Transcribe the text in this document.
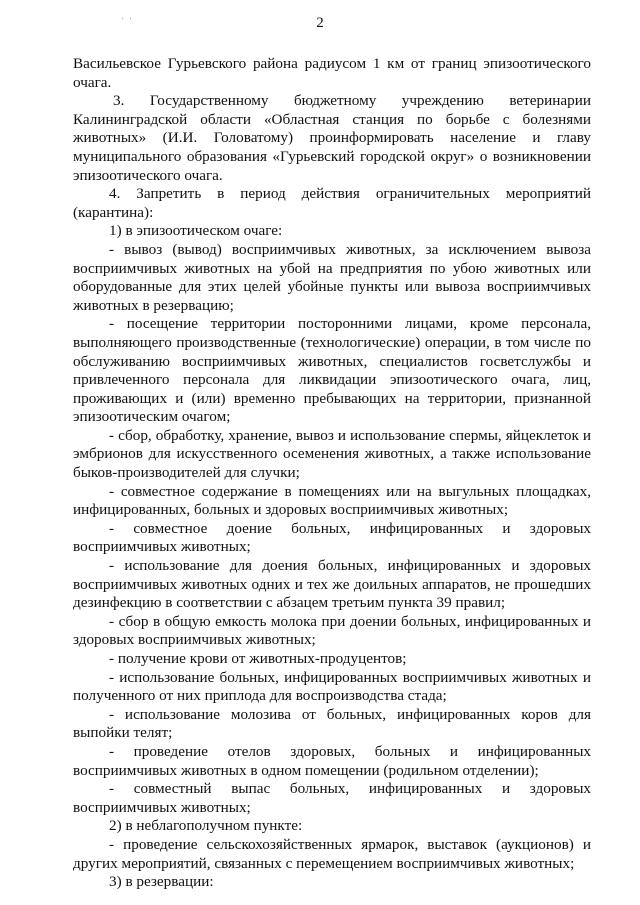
' '	2

Васильевское Гурьевского района радиусом 1 км от границ эпизоотического очага.

3. Государственному бюджетному учреждению ветеринарии Калининградской области «Областная станция по борьбе с болезнями животных» (И.И. Головатому) проинформировать население и главу муниципального образования «Гурьевский городской округ» о возникновении эпизоотического очага.

4. Запретить в период действия ограничительных мероприятий (карантина):

1) в эпизоотическом очаге:

- вывоз (вывод) восприимчивых животных, за исключением вывоза восприимчивых животных на убой на предприятия по убою животных или оборудованные для этих целей убойные пункты или вывоза восприимчивых животных в резервацию;

- посещение территории посторонними лицами, кроме персонала, выполняющего производственные (технологические) операции, в том числе по обслуживанию восприимчивых животных, специалистов госветслужбы и привлеченного персонала для ликвидации эпизоотического очага, лиц, проживающих и (или) временно пребывающих на территории, признанной эпизоотическим очагом;

- сбор, обработку, хранение, вывоз и использование спермы, яйцеклеток и эмбрионов для искусственного осеменения животных, а также использование быков-производителей для случки;

- совместное содержание в помещениях или на выгульных площадках, инфицированных, больных и здоровых восприимчивых животных;

- совместное доение больных, инфицированных и здоровых восприимчивых животных;

- использование для доения больных, инфицированных и здоровых восприимчивых животных одних и тех же доильных аппаратов, не прошедших дезинфекцию в соответствии с абзацем третьим пункта 39 правил;

- сбор в общую емкость молока при доении больных, инфицированных и здоровых восприимчивых животных;

- получение крови от животных-продуцентов;

- использование больных, инфицированных восприимчивых животных и полученного от них приплода для воспроизводства стада;

- использование молозива от больных, инфицированных коров для выпойки телят;

- проведение отелов здоровых, больных и инфицированных восприимчивых животных в одном помещении (родильном отделении);

- совместный выпас больных, инфицированных и здоровых восприимчивых животных;

2) в неблагополучном пункте:

- проведение сельскохозяйственных ярмарок, выставок (аукционов) и других мероприятий, связанных с перемещением восприимчивых животных;

3) в резервации:
